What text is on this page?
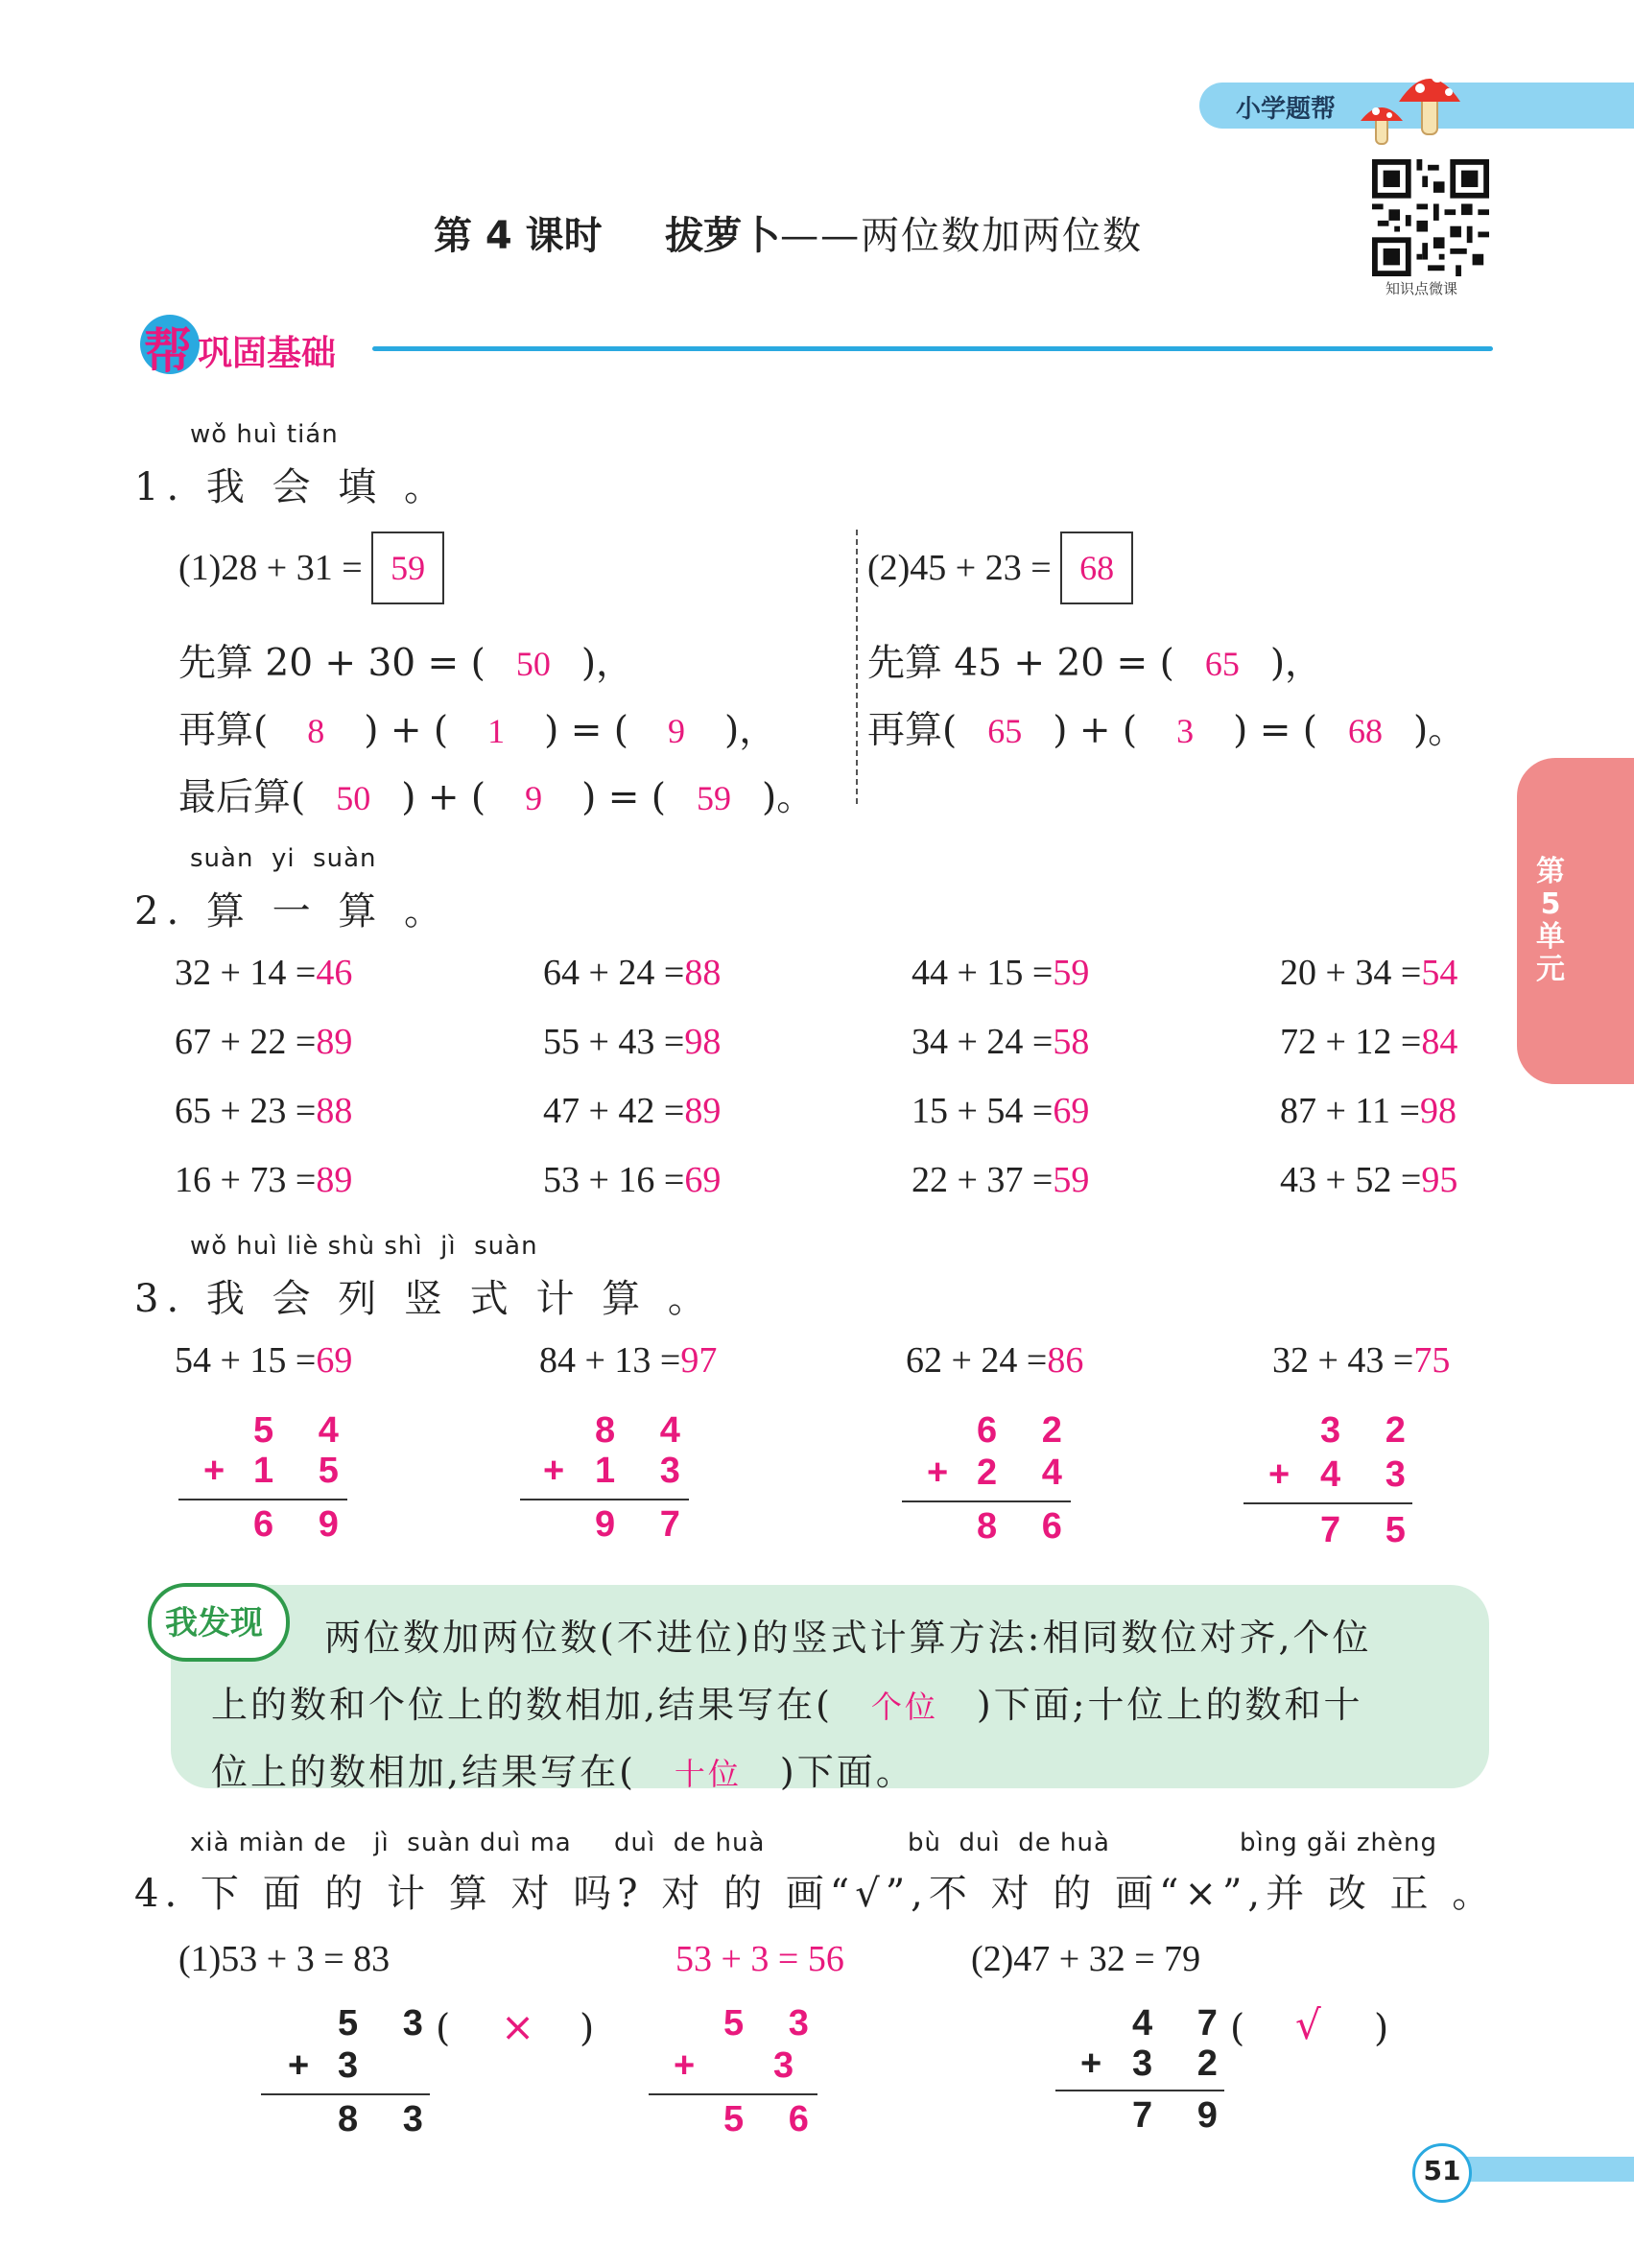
小学题帮
知识点微课
第 4 课时 拔萝卜——两位数加两位数
帮 巩固基础
第
5
单
元
wǒ huì tián
1. 我 会 填 。
(1)28 + 31 = 59
先算 20 + 30 = ( 50 )，
再算( 8 ) + ( 1 ) = ( 9 )，
最后算( 50 ) + ( 9 ) = ( 59 )。
(2)45 + 23 = 68
先算 45 + 20 = ( 65 )，
再算( 65 ) + ( 3 ) = ( 68 )。
suàn  yi  suàn
2. 算 一 算 。
32 + 14 =46	64 + 24 =88	44 + 15 =59	20 + 34 =54
67 + 22 =89	55 + 43 =98	34 + 24 =58	72 + 12 =84
65 + 23 =88	47 + 42 =89	15 + 54 =69	87 + 11 =98
16 + 73 =89	53 + 16 =69	22 + 37 =59	43 + 52 =95
wǒ huì liè shù shì  jì  suàn
3. 我 会 列 竖 式 计 算 。
54 + 15 =69
5 4
+ 1 5
6 9
84 + 13 =97
8 4
+ 1 3
9 7
62 + 24 =86
6 2
+ 2 4
8 6
32 + 43 =75
3 2
+ 4 3
7 5
我发现	两位数加两位数(不进位)的竖式计算方法:相同数位对齐,个位

上的数和个位上的数相加,结果写在( 个位 )下面;十位上的数和十

位上的数相加,结果写在( 十位 )下面。

xià miàn de   jì  suàn duì ma duì  de huà	bù  duì  de huà	bìng gǎi zhèng
4. 下 面 的 计 算 对 吗? 对 的 画“√”,不 对 的 画“×”,并 改 正 。
(1)53 + 3 = 83
5 3
( × )
+ 3
8 3
53 + 3 = 56
5 3
+ 3
5 6
(2)47 + 32 = 79
4 7
( √ )
+ 3 2
7 9
51
